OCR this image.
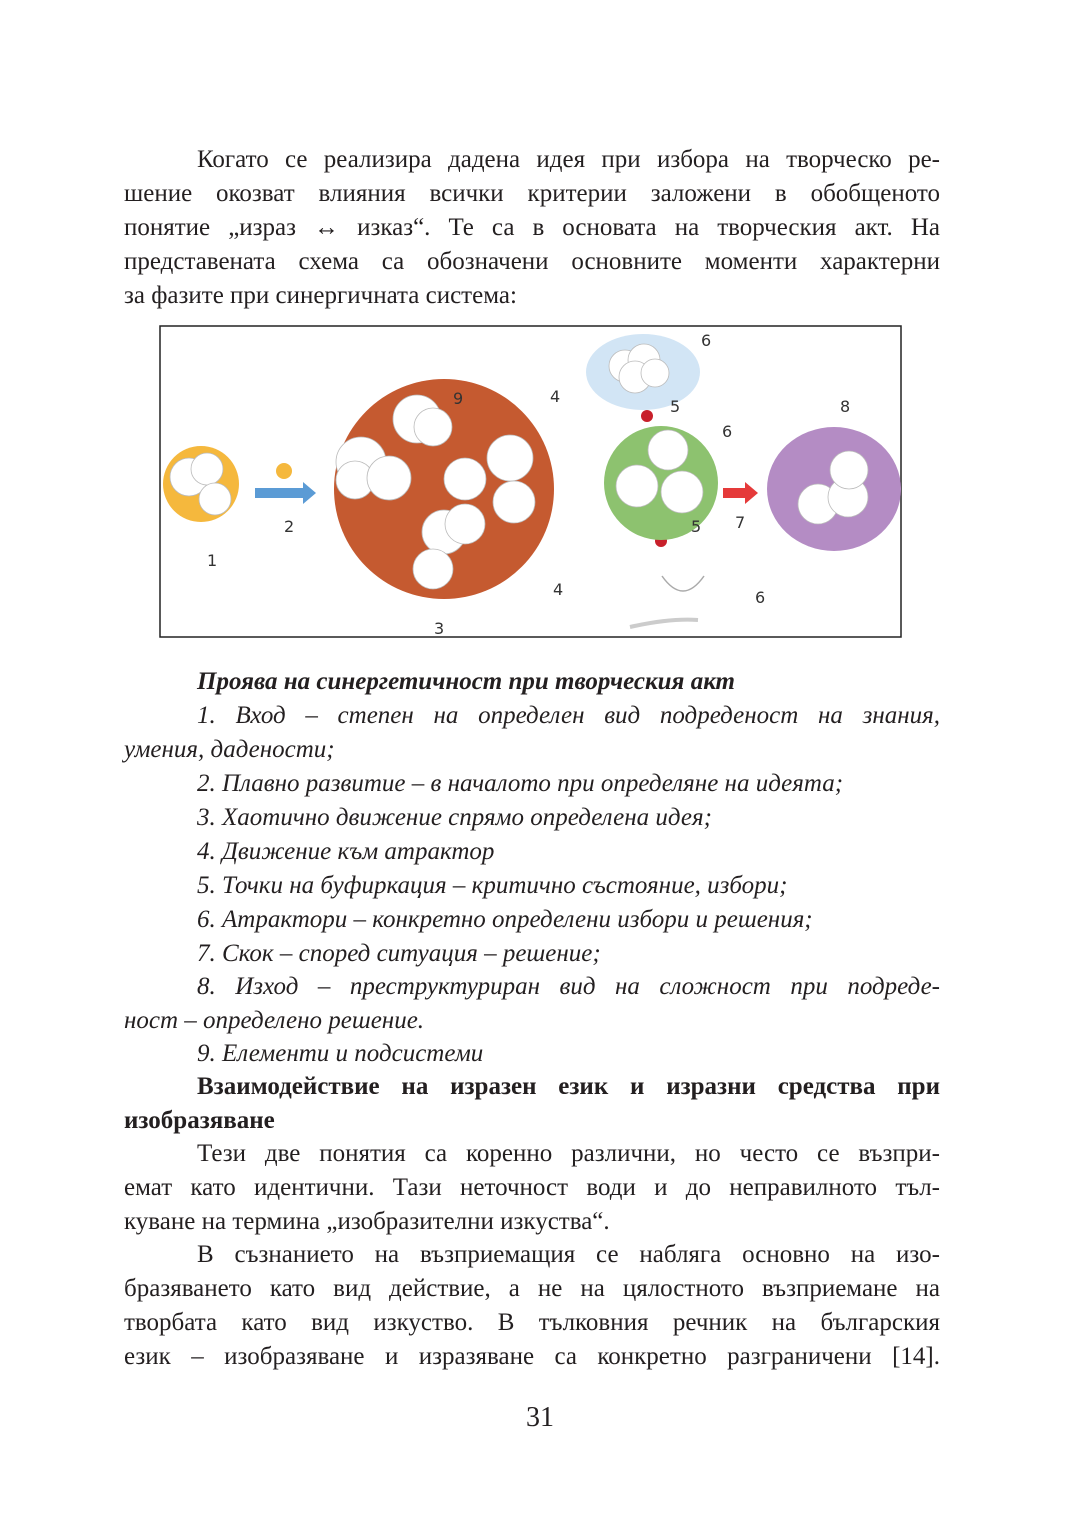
Когато се реализира дадена идея при избора на творческо ре-
шение окозват влияния всички критерии заложени в обобщеното
понятие „израз ↔ изказ“. Те са в основата на творческия акт. На
представената схема са обозначени основните моменти характерни
за фазите при синергичната система:
1
2
3
4
4
5
5
6
6
6
7
8
9
Проява на синергетичност при творческия акт
1. Вход – степен на определен вид подреденост на знания,
умения, дадености;
2. Плавно развитие – в началото при определяне на идеята;
3. Хаотично движение спрямо определена идея;
4. Движение към атрактор
5. Точки на буфиркация – критично състояние, избори;
6. Атрактори – конкретно определени избори и решения;
7. Скок – според ситуация – решение;
8. Изход – преструктуриран вид на сложност при подреде-
ност – определено решение.
9. Елементи и подсистеми
Взаимодействие на изразен език и изразни средства при
изобразяване
Тези две понятия са коренно различни, но често се възпри-
емат като идентични. Тази неточност води и до неправилното тъл-
куване на термина „изобразителни изкуства“.
В съзнанието на възприемащия се набляга основно на изо-
бразяването като вид действие, а не на цялостното възприемане на
творбата като вид изкуство. В тълковния речник на българския
език – изобразяване и изразяване са конкретно разграничени [14].
31
